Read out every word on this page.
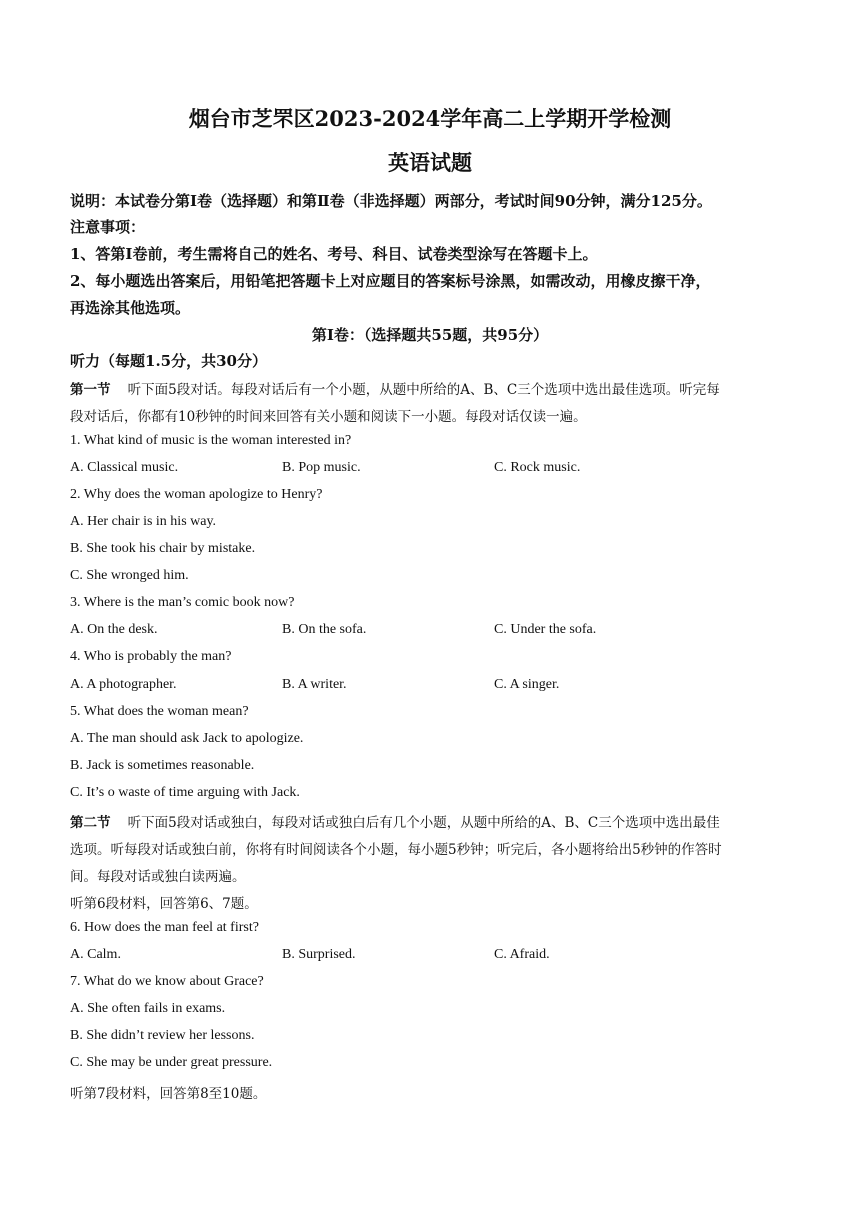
烟台市芝罘区2023-2024学年高二上学期开学检测
英语试题
说明：本试卷分第Ⅰ卷（选择题）和第Ⅱ卷（非选择题）两部分，考试时间90分钟，满分125分。
注意事项：
1、答第Ⅰ卷前，考生需将自己的姓名、考号、科目、试卷类型涂写在答题卡上。
2、每小题选出答案后，用铅笔把答题卡上对应题目的答案标号涂黑，如需改动，用橡皮擦干净，
再选涂其他选项。
第Ⅰ卷：（选择题共55题，共95分）
听力（每题1.5分，共30分）
第一节 听下面5段对话。每段对话后有一个小题，从题中所给的A、B、C三个选项中选出最佳选项。听完每
段对话后，你都有10秒钟的时间来回答有关小题和阅读下一小题。每段对话仅读一遍。
1. What kind of music is the woman interested in?
A. Classical music.	B. Pop music.	C. Rock music.
2. Why does the woman apologize to Henry?
A. Her chair is in his way.
B. She took his chair by mistake.
C. She wronged him.
3. Where is the man’s comic book now?
A. On the desk.	B. On the sofa.	C. Under the sofa.
4. Who is probably the man?
A. A photographer.	B. A writer.	C. A singer.
5. What does the woman mean?
A. The man should ask Jack to apologize.
B. Jack is sometimes reasonable.
C. It’s o waste of time arguing with Jack.
第二节 听下面5段对话或独白，每段对话或独白后有几个小题，从题中所给的A、B、C三个选项中选出最佳
选项。听每段对话或独白前，你将有时间阅读各个小题，每小题5秒钟；听完后，各小题将给出5秒钟的作答时
间。每段对话或独白读两遍。
听第6段材料，回答第6、7题。
6. How does the man feel at first?
A. Calm.	B. Surprised.	C. Afraid.
7. What do we know about Grace?
A. She often fails in exams.
B. She didn’t review her lessons.
C. She may be under great pressure.
听第7段材料，回答第8至10题。
